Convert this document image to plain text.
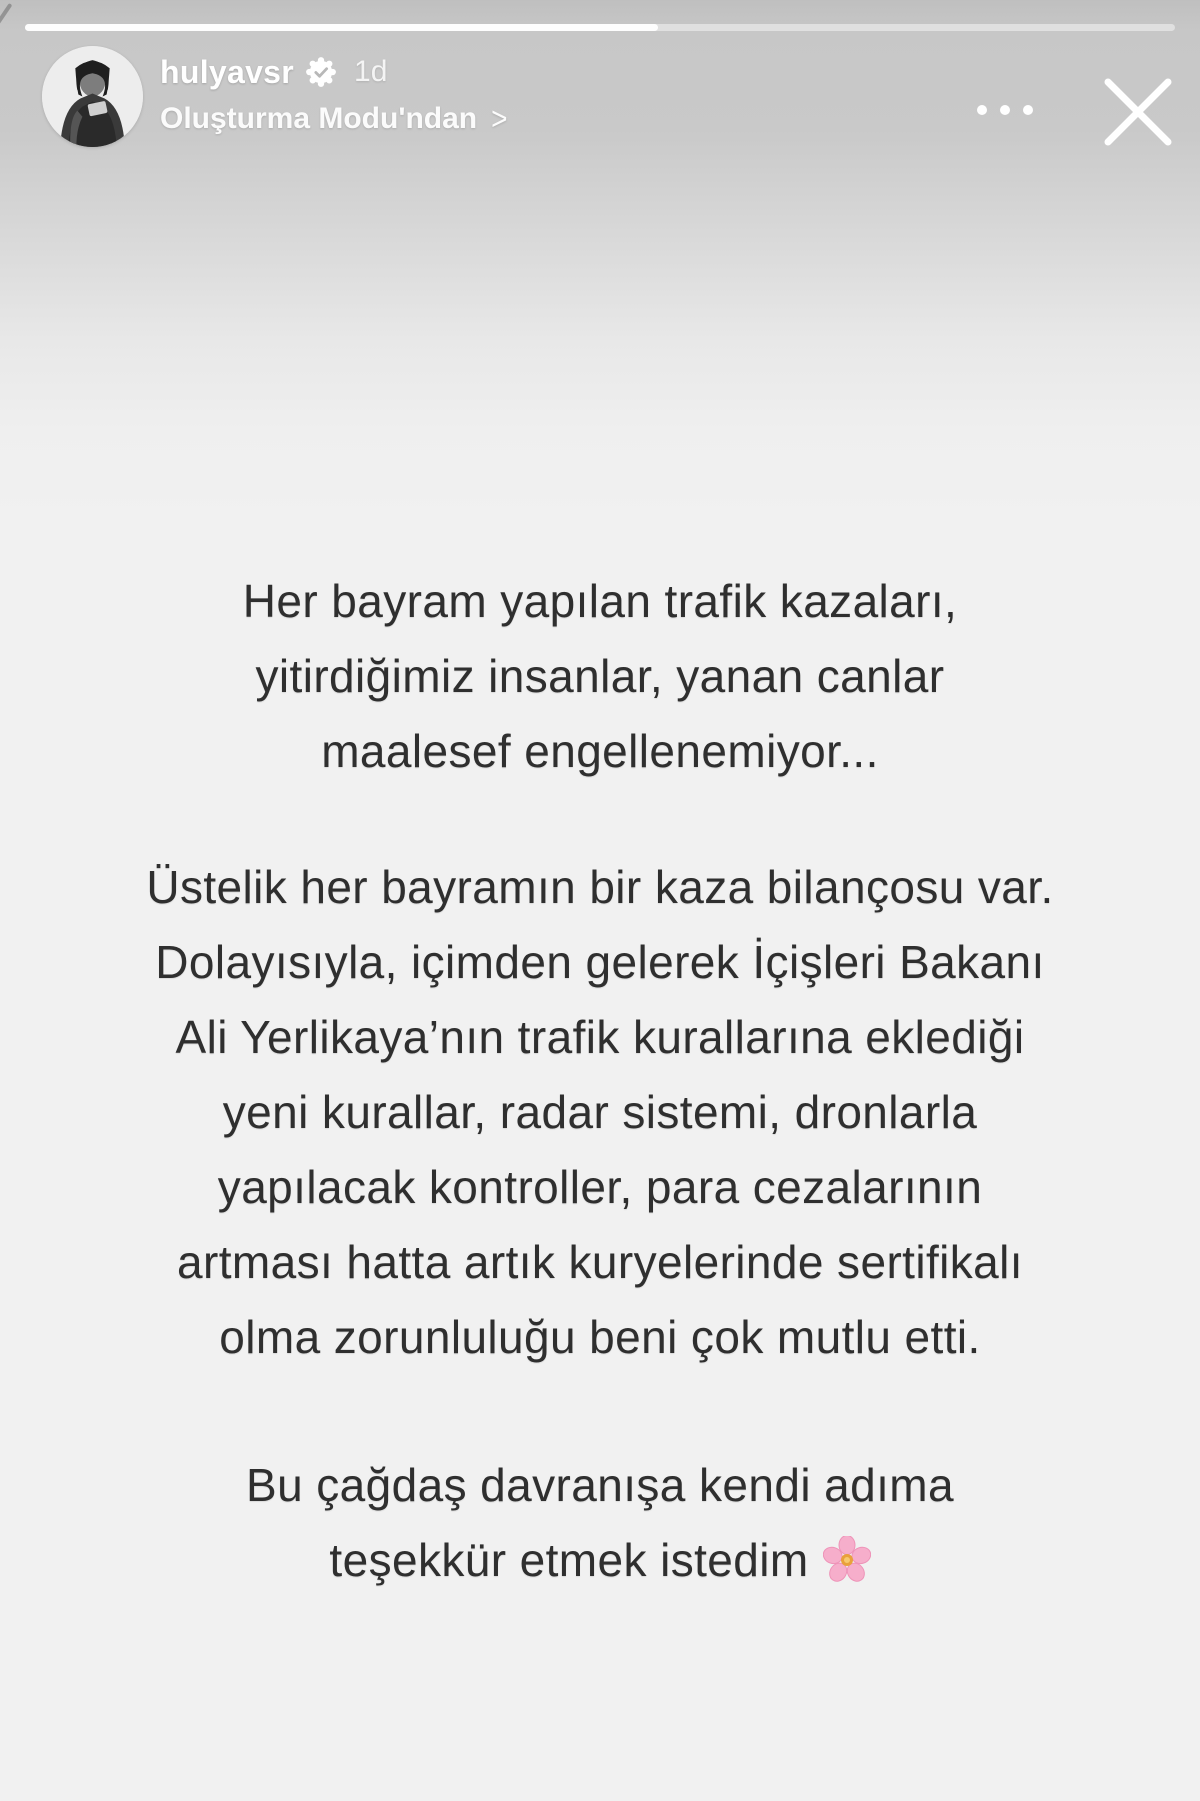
hulyavsr 1d
Oluşturma Modu'ndan >

Her bayram yapılan trafik kazaları,
yitirdiğimiz insanlar, yanan canlar
maalesef engellenemiyor...

Üstelik her bayramın bir kaza bilançosu var.
Dolayısıyla, içimden gelerek İçişleri Bakanı
Ali Yerlikaya’nın trafik kurallarına eklediği
yeni kurallar, radar sistemi, dronlarla
yapılacak kontroller, para cezalarının
artması hatta artık kuryelerinde sertifikalı
olma zorunluluğu beni çok mutlu etti.

Bu çağdaş davranışa kendi adıma
teşekkür etmek istedim
